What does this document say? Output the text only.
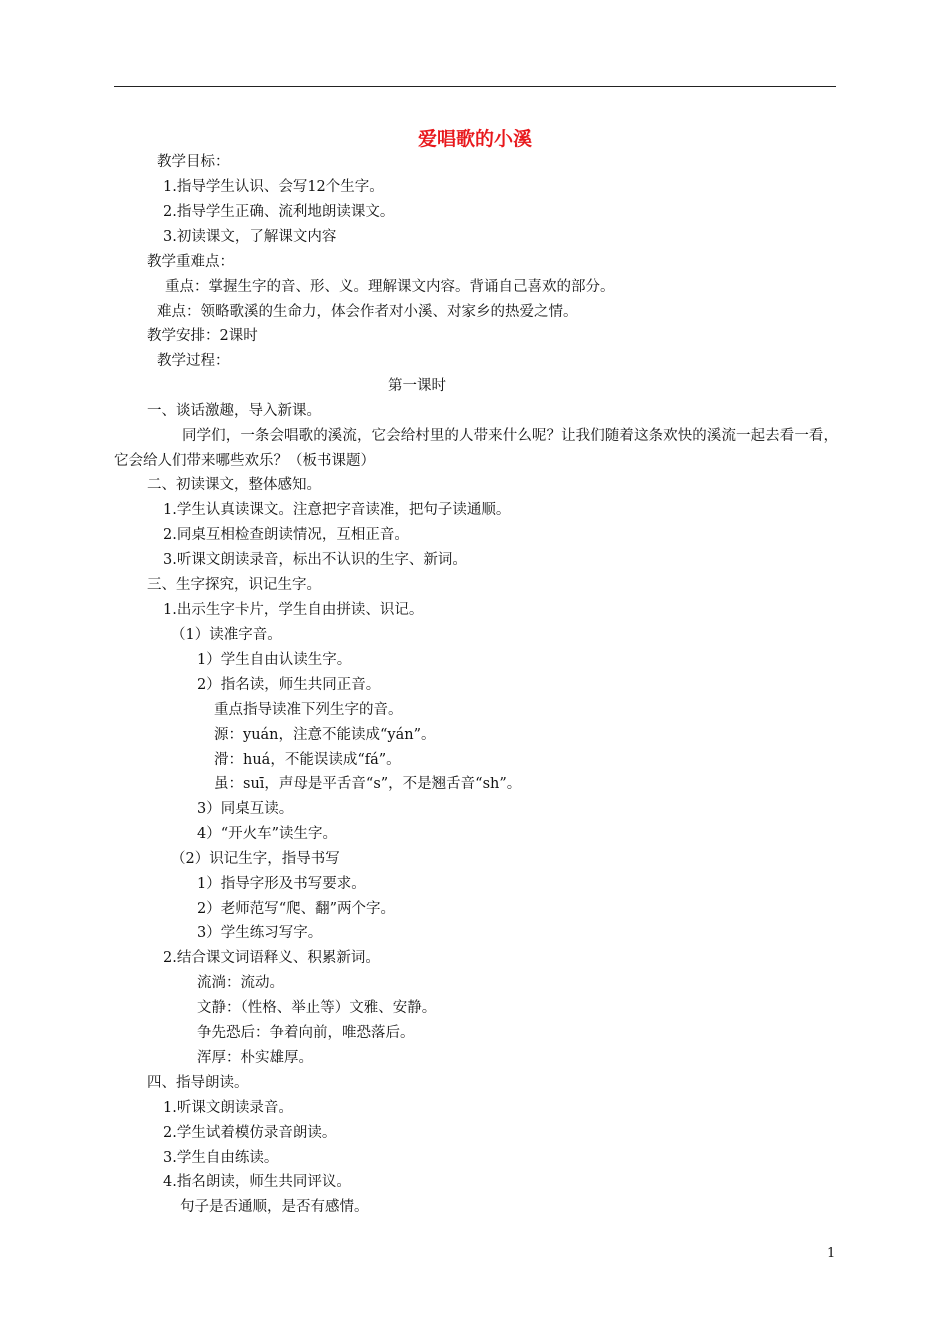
爱唱歌的小溪
教学目标：
1.指导学生认识、会写12个生字。
2.指导学生正确、流利地朗读课文。
3.初读课文，了解课文内容
教学重难点：
重点：掌握生字的音、形、义。理解课文内容。背诵自己喜欢的部分。
难点：领略歌溪的生命力，体会作者对小溪、对家乡的热爱之情。
教学安排：2课时
教学过程：
第一课时
一、谈话激趣，导入新课。
同学们，一条会唱歌的溪流，它会给村里的人带来什么呢？让我们随着这条欢快的溪流一起去看一看，它会给人们带来哪些欢乐？（板书课题）
二、初读课文，整体感知。
1.学生认真读课文。注意把字音读准，把句子读通顺。
2.同桌互相检查朗读情况，互相正音。
3.听课文朗读录音，标出不认识的生字、新词。
三、生字探究，识记生字。
1.出示生字卡片，学生自由拼读、识记。
（1）读准字音。
1）学生自由认读生字。
2）指名读，师生共同正音。
重点指导读准下列生字的音。
源：yuán，注意不能读成“yán”。
滑：huá，不能误读成“fá”。
虽：suī，声母是平舌音“s”，不是翘舌音“sh”。
3）同桌互读。
4）“开火车”读生字。
（2）识记生字，指导书写
1）指导字形及书写要求。
2）老师范写“爬、翻”两个字。
3）学生练习写字。
2.结合课文词语释义、积累新词。
流淌：流动。
文静：（性格、举止等）文雅、安静。
争先恐后：争着向前，唯恐落后。
浑厚：朴实雄厚。
四、指导朗读。
1.听课文朗读录音。
2.学生试着模仿录音朗读。
3.学生自由练读。
4.指名朗读，师生共同评议。
句子是否通顺，是否有感情。
1
